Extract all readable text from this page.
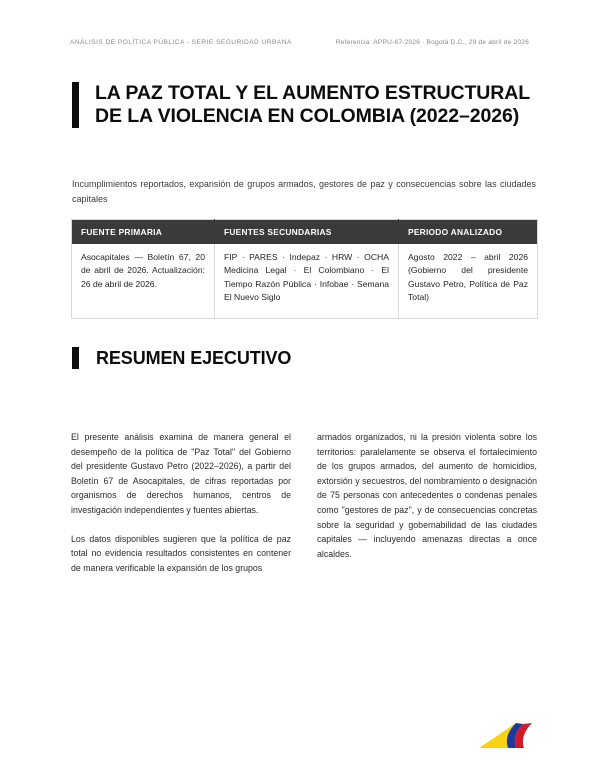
ANÁLISIS DE POLÍTICA PÚBLICA - SERIE SEGURIDAD URBANA	Referencia: APPU-67-2026 · Bogotá D.C., 29 de abril de 2026
LA PAZ TOTAL Y EL AUMENTO ESTRUCTURAL DE LA VIOLENCIA EN COLOMBIA (2022–2026)

Incumplimientos reportados, expansión de grupos armados, gestores de paz y consecuencias sobre las ciudades capitales

FUENTE PRIMARIA	FUENTES SECUNDARIAS	PERIODO ANALIZADO

Asocapitales — Boletín 67, 20 de abril de 2026. Actualización: 26 de abril de 2026.	FIP · PARES · Indepaz · HRW · OCHA Medicina Legal · El Colombiano · El Tiempo Razón Pública · Infobae · Semana El Nuevo Siglo	Agosto 2022 – abril 2026 (Gobierno del presidente Gustavo Petro, Política de Paz Total)
RESUMEN EJECUTIVO

El presente análisis examina de manera general el desempeño de la política de "Paz Total" del Gobierno del presidente Gustavo Petro (2022–2026), a partir del Boletín 67 de Asocapitales, de cifras reportadas por organismos de derechos humanos, centros de investigación independientes y fuentes abiertas.

Los datos disponibles sugieren que la política de paz total no evidencia resultados consistentes en contener de manera verificable la expansión de los grupos

armados organizados, ni la presión violenta sobre los territorios: paralelamente se observa el fortalecimiento de los grupos armados, del aumento de homicidios, extorsión y secuestros, del nombramiento o designación de 75 personas con antecedentes o condenas penales como "gestores de paz", y de consecuencias concretas sobre la seguridad y gobernabilidad de las ciudades capitales — incluyendo amenazas directas a once alcaldes.
